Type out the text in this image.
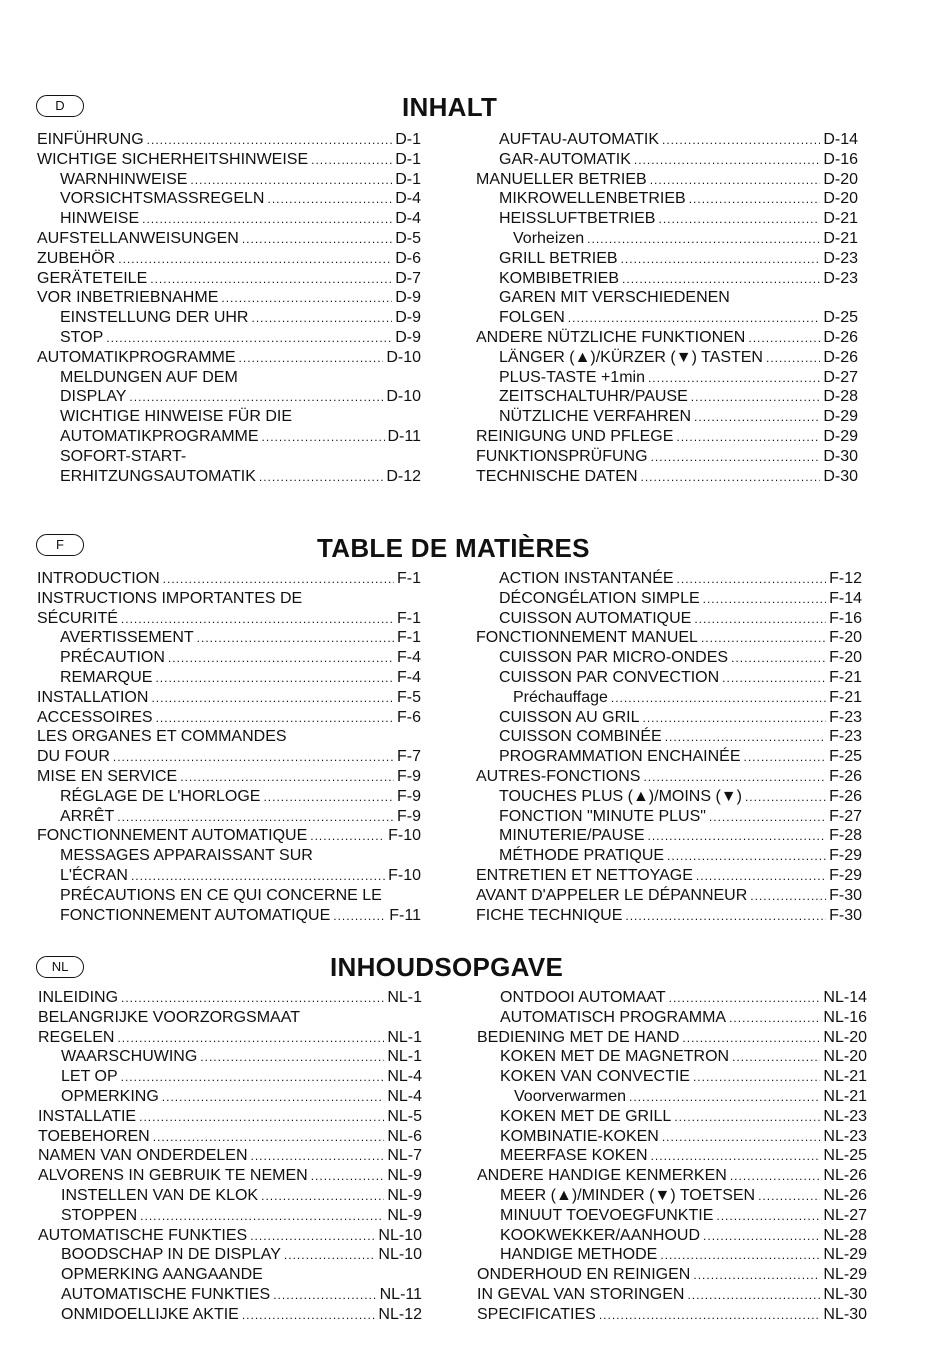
D	INHALT
EINFÜHRUNG .....	D-1
WICHTIGE SICHERHEITSHINWEISE .....	D-1
WARNHINWEISE .....	D-1
VORSICHTSMASSREGELN .....	D-4
HINWEISE .....	D-4
AUFSTELLANWEISUNGEN .....	D-5
ZUBEHÖR .....	D-6
GERÄTETEILE .....	D-7
VOR INBETRIEBNAHME .....	D-9
EINSTELLUNG DER UHR .....	D-9
STOP .....	D-9
AUTOMATIKPROGRAMME .....	D-10
MELDUNGEN AUF DEM
DISPLAY .....	D-10
WICHTIGE HINWEISE FÜR DIE
AUTOMATIKPROGRAMME .....	D-11
SOFORT-START-
ERHITZUNGSAUTOMATIK .....	D-12
AUFTAU-AUTOMATIK .....	D-14
GAR-AUTOMATIK .....	D-16
MANUELLER BETRIEB .....	D-20
MIKROWELLENBETRIEB .....	D-20
HEISSLUFTBETRIEB .....	D-21
Vorheizen .....	D-21
GRILL BETRIEB .....	D-23
KOMBIBETRIEB .....	D-23
GAREN MIT VERSCHIEDENEN
FOLGEN .....	D-25
ANDERE NÜTZLICHE FUNKTIONEN .....	D-26
LÄNGER (▲)/KÜRZER (▼) TASTEN .....	D-26
PLUS-TASTE +1min .....	D-27
ZEITSCHALTUHR/PAUSE .....	D-28
NÜTZLICHE VERFAHREN .....	D-29
REINIGUNG UND PFLEGE .....	D-29
FUNKTIONSPRÜFUNG .....	D-30
TECHNISCHE DATEN .....	D-30
F	TABLE DE MATIÈRES
INTRODUCTION .....	F-1
INSTRUCTIONS IMPORTANTES DE
SÉCURITÉ .....	F-1
AVERTISSEMENT .....	F-1
PRÉCAUTION .....	F-4
REMARQUE .....	F-4
INSTALLATION .....	F-5
ACCESSOIRES .....	F-6
LES ORGANES ET COMMANDES
DU FOUR .....	F-7
MISE EN SERVICE .....	F-9
RÉGLAGE DE L'HORLOGE .....	F-9
ARRÊT .....	F-9
FONCTIONNEMENT AUTOMATIQUE .....	F-10
MESSAGES APPARAISSANT SUR
L'ÉCRAN .....	F-10
PRÉCAUTIONS EN CE QUI CONCERNE LE
FONCTIONNEMENT AUTOMATIQUE .....	F-11
ACTION INSTANTANÉE .....	F-12
DÉCONGÉLATION SIMPLE .....	F-14
CUISSON AUTOMATIQUE .....	F-16
FONCTIONNEMENT MANUEL .....	F-20
CUISSON PAR MICRO-ONDES .....	F-20
CUISSON PAR CONVECTION .....	F-21
Préchauffage .....	F-21
CUISSON AU GRIL .....	F-23
CUISSON COMBINÉE .....	F-23
PROGRAMMATION ENCHAINÉE .....	F-25
AUTRES-FONCTIONS .....	F-26
TOUCHES PLUS (▲)/MOINS (▼) .....	F-26
FONCTION "MINUTE PLUS" .....	F-27
MINUTERIE/PAUSE .....	F-28
MÉTHODE PRATIQUE .....	F-29
ENTRETIEN ET NETTOYAGE .....	F-29
AVANT D'APPELER LE DÉPANNEUR .....	F-30
FICHE TECHNIQUE .....	F-30
NL	INHOUDSOPGAVE
INLEIDING .....	NL-1
BELANGRIJKE VOORZORGSMAAT
REGELEN .....	NL-1
WAARSCHUWING .....	NL-1
LET OP .....	NL-4
OPMERKING .....	NL-4
INSTALLATIE .....	NL-5
TOEBEHOREN .....	NL-6
NAMEN VAN ONDERDELEN .....	NL-7
ALVORENS IN GEBRUIK TE NEMEN .....	NL-9
INSTELLEN VAN DE KLOK .....	NL-9
STOPPEN .....	NL-9
AUTOMATISCHE FUNKTIES .....	NL-10
BOODSCHAP IN DE DISPLAY .....	NL-10
OPMERKING AANGAANDE
AUTOMATISCHE FUNKTIES .....	NL-11
ONMIDOELLIJKE AKTIE .....	NL-12
ONTDOOI AUTOMAAT .....	NL-14
AUTOMATISCH PROGRAMMA .....	NL-16
BEDIENING MET DE HAND .....	NL-20
KOKEN MET DE MAGNETRON .....	NL-20
KOKEN VAN CONVECTIE .....	NL-21
Voorverwarmen .....	NL-21
KOKEN MET DE GRILL .....	NL-23
KOMBINATIE-KOKEN .....	NL-23
MEERFASE KOKEN .....	NL-25
ANDERE HANDIGE KENMERKEN .....	NL-26
MEER (▲)/MINDER (▼) TOETSEN .....	NL-26
MINUUT TOEVOEGFUNKTIE .....	NL-27
KOOKWEKKER/AANHOUD .....	NL-28
HANDIGE METHODE .....	NL-29
ONDERHOUD EN REINIGEN .....	NL-29
IN GEVAL VAN STORINGEN .....	NL-30
SPECIFICATIES .....	NL-30
